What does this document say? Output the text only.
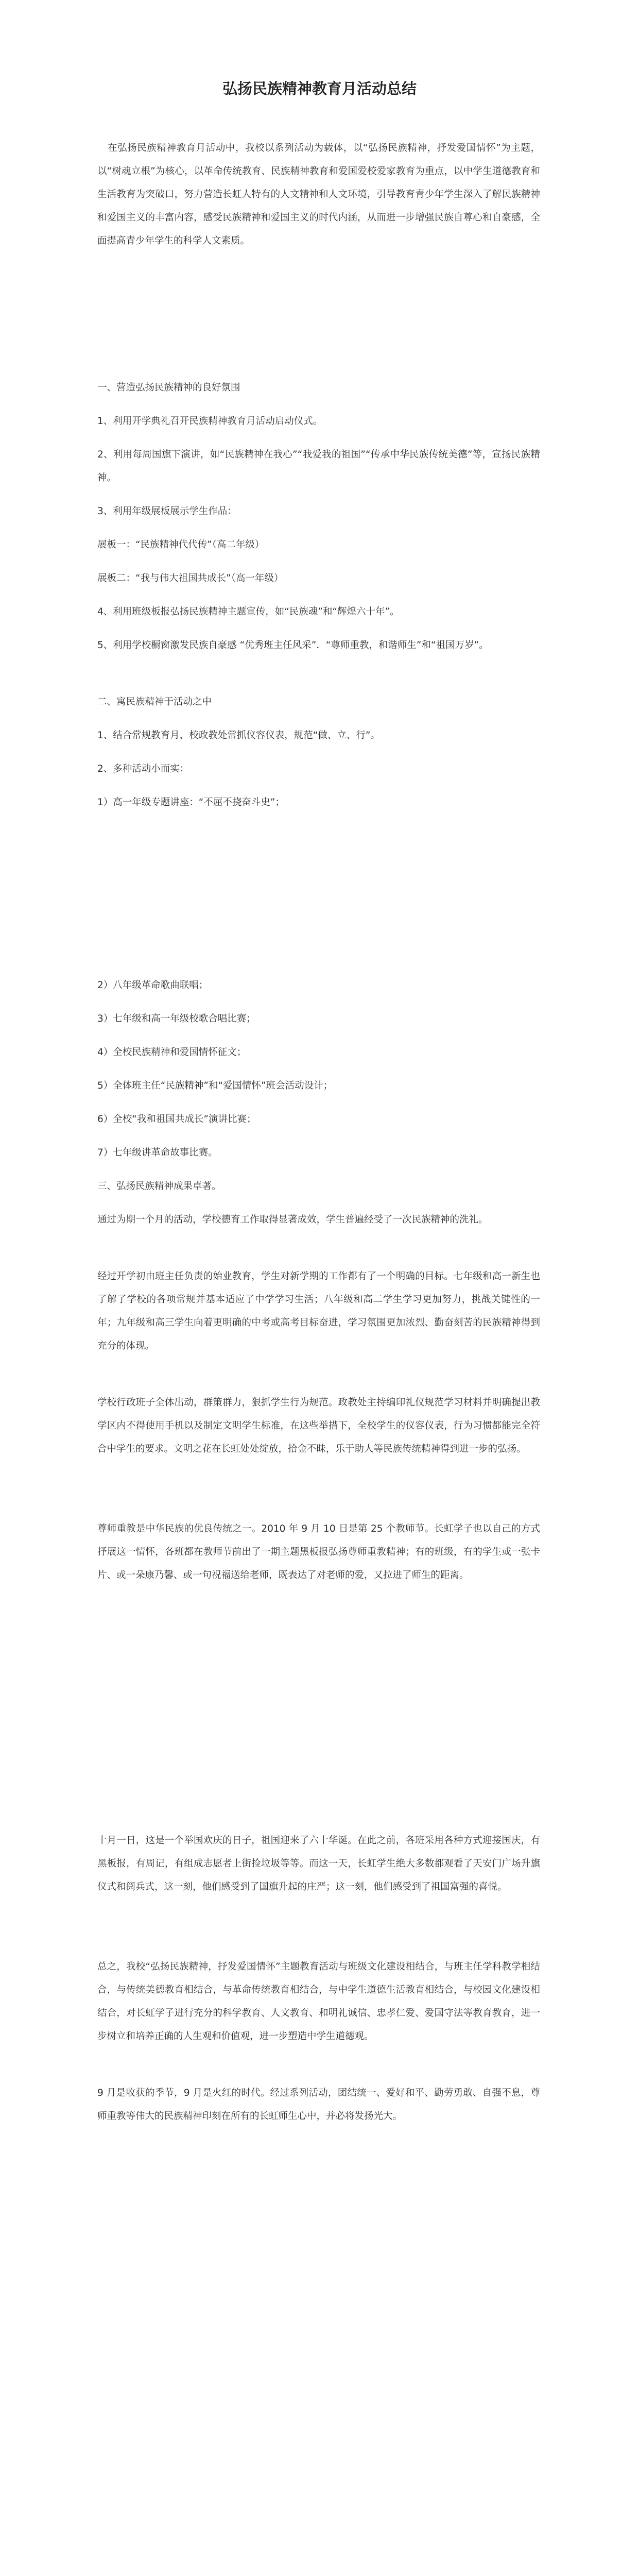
弘扬民族精神教育月活动总结

在弘扬民族精神教育月活动中，我校以系列活动为载体，以“弘扬民族精神，抒发爱国情怀”为主题，以“树魂立根”为核心，以革命传统教育、民族精神教育和爱国爱校爱家教育为重点，以中学生道德教育和生活教育为突破口，努力营造长虹人特有的人文精神和人文环境，引导教育青少年学生深入了解民族精神和爱国主义的丰富内容，感受民族精神和爱国主义的时代内涵，从而进一步增强民族自尊心和自豪感，全面提高青少年学生的科学人文素质。

一、营造弘扬民族精神的良好氛围

1、利用开学典礼召开民族精神教育月活动启动仪式。

2、利用每周国旗下演讲，如“民族精神在我心”“我爱我的祖国”“传承中华民族传统美德”等，宣扬民族精神。

3、利用年级展板展示学生作品：

展板一：“民族精神代代传”（高二年级）

展板二：“我与伟大祖国共成长”（高一年级）

4、利用班级板报弘扬民族精神主题宣传，如“民族魂”和“辉煌六十年”。

5、利用学校橱窗激发民族自豪感 “优秀班主任风采”．“尊师重教，和谐师生”和“祖国万岁”。

二、寓民族精神于活动之中

1、结合常规教育月，校政教处常抓仪容仪表，规范“做、立、行”。

2、多种活动小而实：

1）高一年级专题讲座：“不屈不挠奋斗史”；

2）八年级革命歌曲联唱；

3）七年级和高一年级校歌合唱比赛；

4）全校民族精神和爱国情怀征文；

5）全体班主任“民族精神”和“爱国情怀”班会活动设计；

6）全校“我和祖国共成长”演讲比赛；

7）七年级讲革命故事比赛。

三、弘扬民族精神成果卓著。

通过为期一个月的活动，学校德育工作取得显著成效，学生普遍经受了一次民族精神的洗礼。

经过开学初由班主任负责的始业教育，学生对新学期的工作都有了一个明确的目标。七年级和高一新生也了解了学校的各项常规并基本适应了中学学习生活；八年级和高二学生学习更加努力，挑战关键性的一年；九年级和高三学生向着更明确的中考或高考目标奋进，学习氛围更加浓烈、勤奋刻苦的民族精神得到充分的体现。

学校行政班子全体出动，群策群力，狠抓学生行为规范。政教处主持编印礼仪规范学习材料并明确提出教学区内不得使用手机以及制定文明学生标准，在这些举措下，全校学生的仪容仪表，行为习惯都能完全符合中学生的要求。文明之花在长虹处处绽放，拾金不昧，乐于助人等民族传统精神得到进一步的弘扬。

尊师重教是中华民族的优良传统之一。2010 年 9 月 10 日是第 25 个教师节。长虹学子也以自己的方式抒展这一情怀，各班都在教师节前出了一期主题黑板报弘扬尊师重教精神；有的班级，有的学生或一张卡片、或一朵康乃馨、或一句祝福送给老师，既表达了对老师的爱，又拉进了师生的距离。

十月一日，这是一个举国欢庆的日子，祖国迎来了六十华诞。在此之前，各班采用各种方式迎接国庆，有黑板报，有周记，有组成志愿者上街捡垃圾等等。而这一天，长虹学生绝大多数都观看了天安门广场升旗仪式和阅兵式，这一刻，他们感受到了国旗升起的庄严；这一刻，他们感受到了祖国富强的喜悦。

总之，我校“弘扬民族精神，抒发爱国情怀”主题教育活动与班级文化建设相结合，与班主任学科教学相结合，与传统美德教育相结合，与革命传统教育相结合，与中学生道德生活教育相结合，与校园文化建设相结合，对长虹学子进行充分的科学教育、人文教育、和明礼诚信、忠孝仁爱、爱国守法等教育教育，进一步树立和培养正确的人生观和价值观，进一步塑造中学生道德观。

9 月是收获的季节，9 月是火红的时代。经过系列活动，团结统一、爱好和平、勤劳勇敢、自强不息，尊师重教等伟大的民族精神印刻在所有的长虹师生心中，并必将发扬光大。
